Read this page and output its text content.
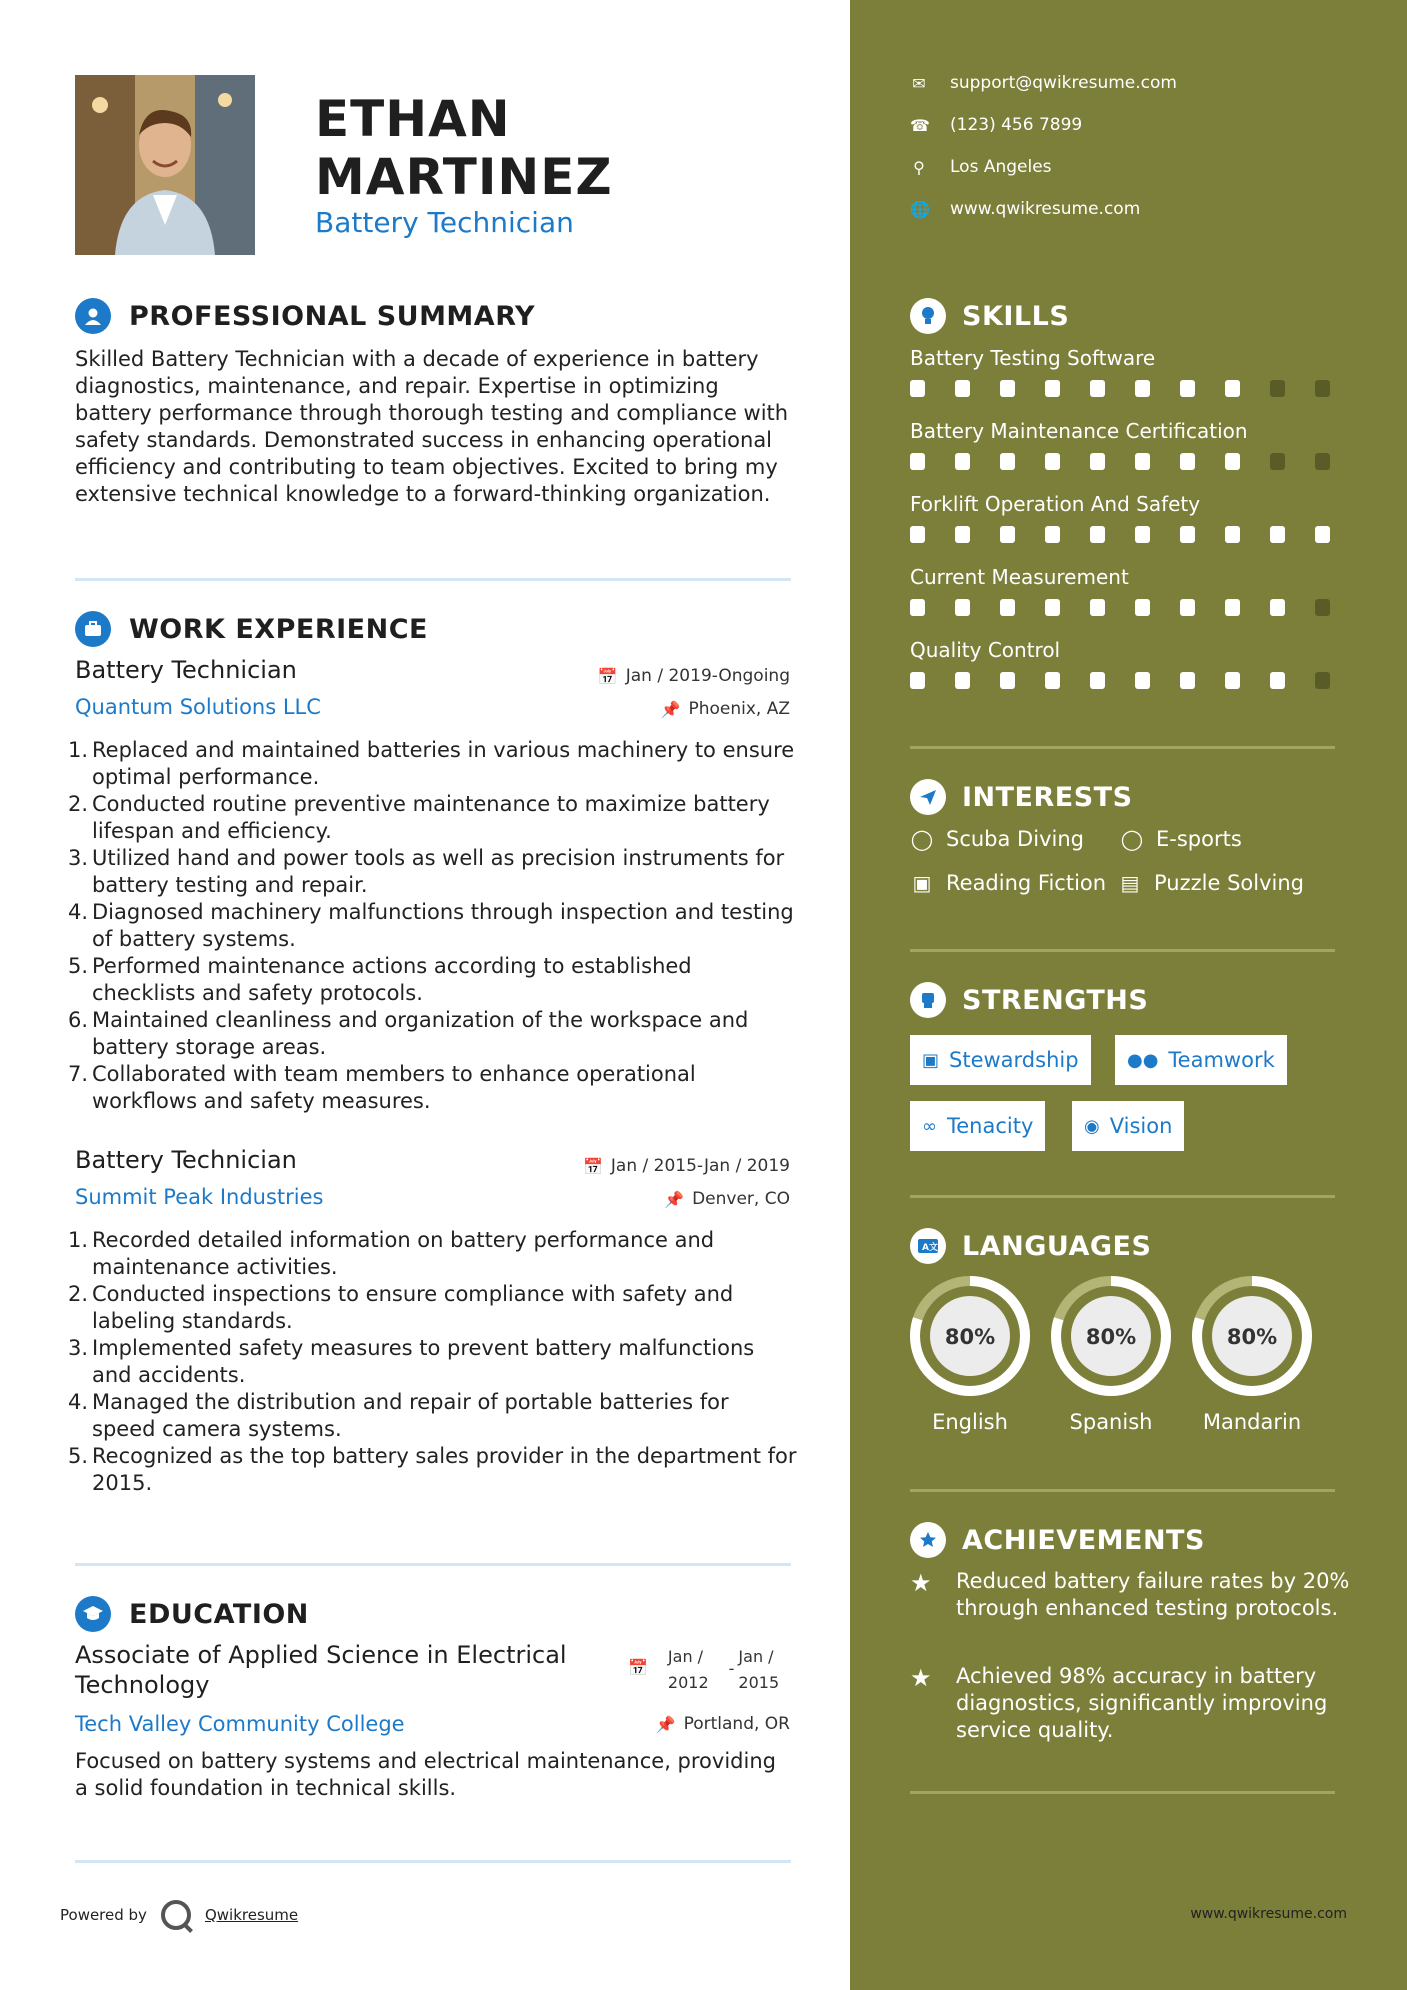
ETHAN
MARTINEZ
Battery Technician
PROFESSIONAL SUMMARY
Skilled Battery Technician with a decade of experience in battery diagnostics, maintenance, and repair. Expertise in optimizing battery performance through thorough testing and compliance with safety standards. Demonstrated success in enhancing operational efficiency and contributing to team objectives. Excited to bring my extensive technical knowledge to a forward-thinking organization.
WORK EXPERIENCE
Battery Technician
Quantum Solutions LLC
📅 Jan / 2019-Ongoing
📌 Phoenix, AZ
1. Replaced and maintained batteries in various machinery to ensure optimal performance.
2. Conducted routine preventive maintenance to maximize battery lifespan and efficiency.
3. Utilized hand and power tools as well as precision instruments for battery testing and repair.
4. Diagnosed machinery malfunctions through inspection and testing of battery systems.
5. Performed maintenance actions according to established checklists and safety protocols.
6. Maintained cleanliness and organization of the workspace and battery storage areas.
7. Collaborated with team members to enhance operational workflows and safety measures.
Battery Technician
Summit Peak Industries
📅 Jan / 2015-Jan / 2019
📌 Denver, CO
1. Recorded detailed information on battery performance and maintenance activities.
2. Conducted inspections to ensure compliance with safety and labeling standards.
3. Implemented safety measures to prevent battery malfunctions and accidents.
4. Managed the distribution and repair of portable batteries for speed camera systems.
5. Recognized as the top battery sales provider in the department for 2015.
EDUCATION
Associate of Applied Science in Electrical Technology
📅
Jan /
2012
-
Jan /
2015
Tech Valley Community College	📌 Portland, OR
Focused on battery systems and electrical maintenance, providing a solid foundation in technical skills.
Powered by	Qwikresume
✉ support@qwikresume.com
☎ (123) 456 7899
⚲ Los Angeles
🌐 www.qwikresume.com
SKILLS
Battery Testing Software
Battery Maintenance Certification
Forklift Operation And Safety
Current Measurement
Quality Control
INTERESTS
◯ Scuba Diving ◯ E-sports
▣ Reading Fiction ▤ Puzzle Solving
STRENGTHS
▣ Stewardship	●● Teamwork
∞ Tenacity	◉ Vision
A 文 LANGUAGES
80%
English
80%
Spanish
80%
Mandarin
ACHIEVEMENTS
★	Reduced battery failure rates by 20% through enhanced testing protocols.
★	Achieved 98% accuracy in battery diagnostics, significantly improving service quality.
www.qwikresume.com
